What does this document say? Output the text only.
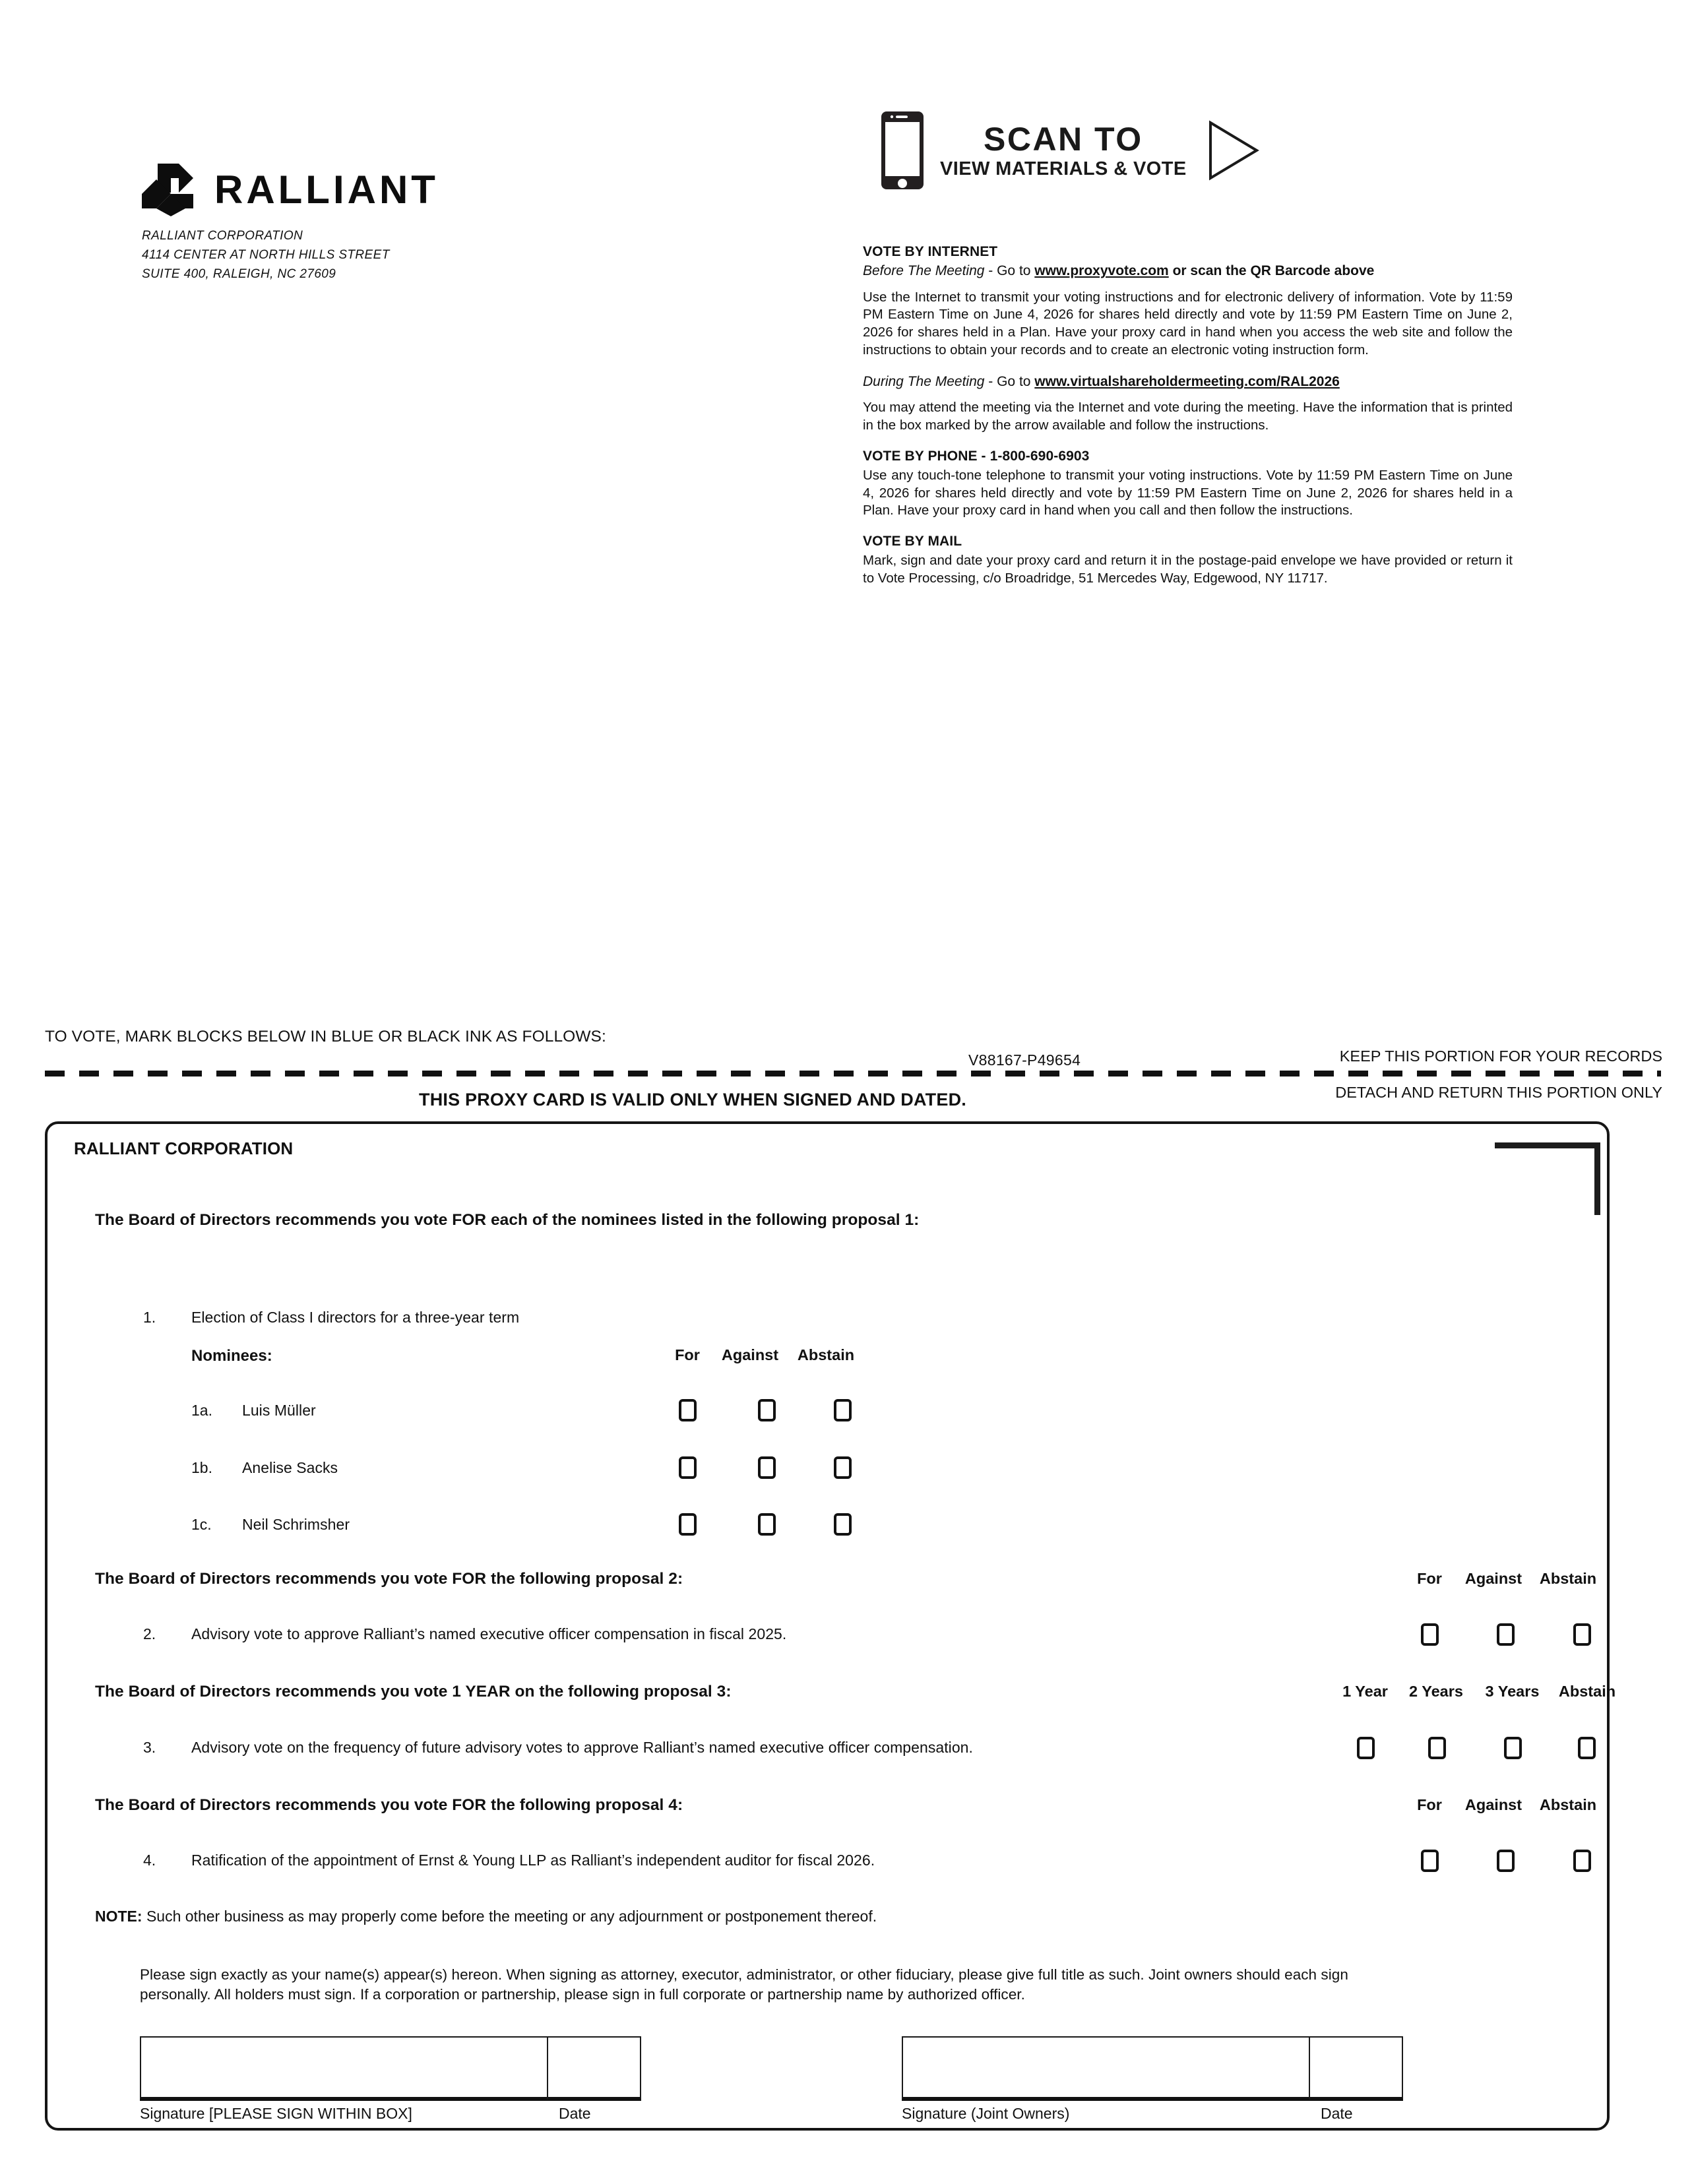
RALLIANT
RALLIANT CORPORATION
4114 CENTER AT NORTH HILLS STREET
SUITE 400, RALEIGH, NC 27609
SCAN TO
VIEW MATERIALS & VOTE
VOTE BY INTERNET
Before The Meeting - Go to www.proxyvote.com or scan the QR Barcode above
Use the Internet to transmit your voting instructions and for electronic delivery of information. Vote by 11:59 PM Eastern Time on June 4, 2026 for shares held directly and vote by 11:59 PM Eastern Time on June 2, 2026 for shares held in a Plan. Have your proxy card in hand when you access the web site and follow the instructions to obtain your records and to create an electronic voting instruction form.
During The Meeting - Go to www.virtualshareholdermeeting.com/RAL2026
You may attend the meeting via the Internet and vote during the meeting. Have the information that is printed in the box marked by the arrow available and follow the instructions.
VOTE BY PHONE - 1-800-690-6903
Use any touch-tone telephone to transmit your voting instructions. Vote by 11:59 PM Eastern Time on June 4, 2026 for shares held directly and vote by 11:59 PM Eastern Time on June 2, 2026 for shares held in a Plan. Have your proxy card in hand when you call and then follow the instructions.
VOTE BY MAIL
Mark, sign and date your proxy card and return it in the postage-paid envelope we have provided or return it to Vote Processing, c/o Broadridge, 51 Mercedes Way, Edgewood, NY 11717.
TO VOTE, MARK BLOCKS BELOW IN BLUE OR BLACK INK AS FOLLOWS:
V88167-P49654	KEEP THIS PORTION FOR YOUR RECORDS
DETACH AND RETURN THIS PORTION ONLY
THIS PROXY CARD IS VALID ONLY WHEN SIGNED AND DATED.
RALLIANT CORPORATION
The Board of Directors recommends you vote FOR each of the nominees listed in the following proposal 1:
1. Election of Class I directors for a three-year term
Nominees:	For	Against	Abstain
1a. Luis Müller
1b. Anelise Sacks
1c. Neil Schrimsher
The Board of Directors recommends you vote FOR the following proposal 2:	For	Against	Abstain
2. Advisory vote to approve Ralliant’s named executive officer compensation in fiscal 2025.
The Board of Directors recommends you vote 1 YEAR on the following proposal 3:	1 Year	2 Years	3 Years	Abstain
3. Advisory vote on the frequency of future advisory votes to approve Ralliant’s named executive officer compensation.
The Board of Directors recommends you vote FOR the following proposal 4:	For	Against	Abstain
4. Ratification of the appointment of Ernst & Young LLP as Ralliant’s independent auditor for fiscal 2026.
NOTE: Such other business as may properly come before the meeting or any adjournment or postponement thereof.
Please sign exactly as your name(s) appear(s) hereon. When signing as attorney, executor, administrator, or other fiduciary, please give full title as such. Joint owners should each sign personally. All holders must sign. If a corporation or partnership, please sign in full corporate or partnership name by authorized officer.
Signature [PLEASE SIGN WITHIN BOX]	Date	Signature (Joint Owners)	Date
